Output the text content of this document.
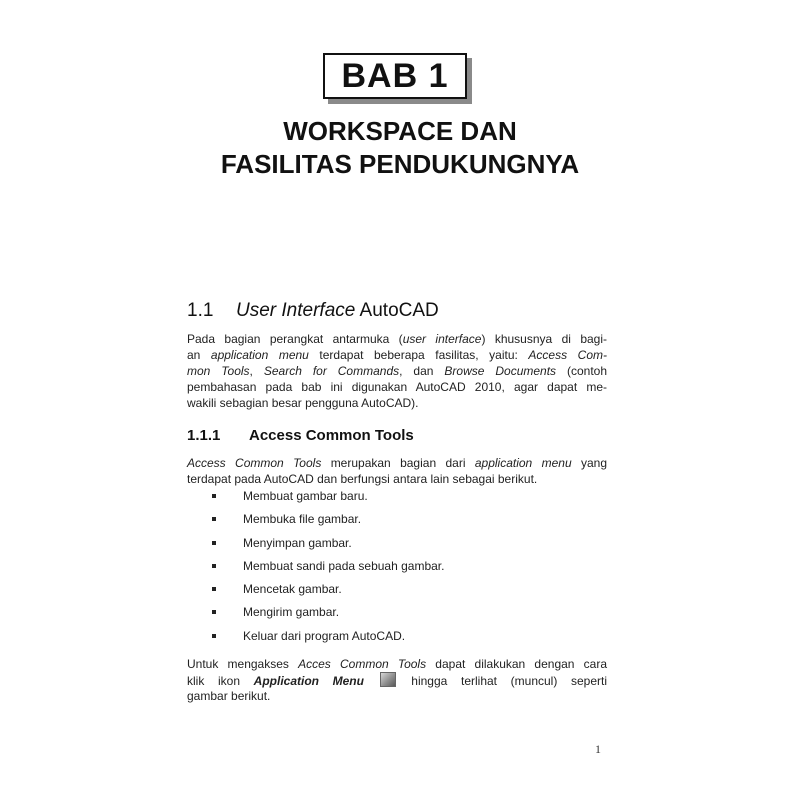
BAB 1
WORKSPACE DAN
FASILITAS PENDUKUNGNYA
1.1 User Interface AutoCAD
Pada bagian perangkat antarmuka (user interface) khususnya di bagi-
an application menu terdapat beberapa fasilitas, yaitu: Access Com-
mon Tools, Search for Commands, dan Browse Documents (contoh
pembahasan pada bab ini digunakan AutoCAD 2010, agar dapat me-
wakili sebagian besar pengguna AutoCAD).
1.1.1 Access Common Tools
Access Common Tools merupakan bagian dari application menu yang
terdapat pada AutoCAD dan berfungsi antara lain sebagai berikut.
Membuat gambar baru.
Membuka file gambar.
Menyimpan gambar.
Membuat sandi pada sebuah gambar.
Mencetak gambar.
Mengirim gambar.
Keluar dari program AutoCAD.
Untuk mengakses Acces Common Tools dapat dilakukan dengan cara
klik ikon Application Menu	hingga terlihat (muncul) seperti
gambar berikut.
1
